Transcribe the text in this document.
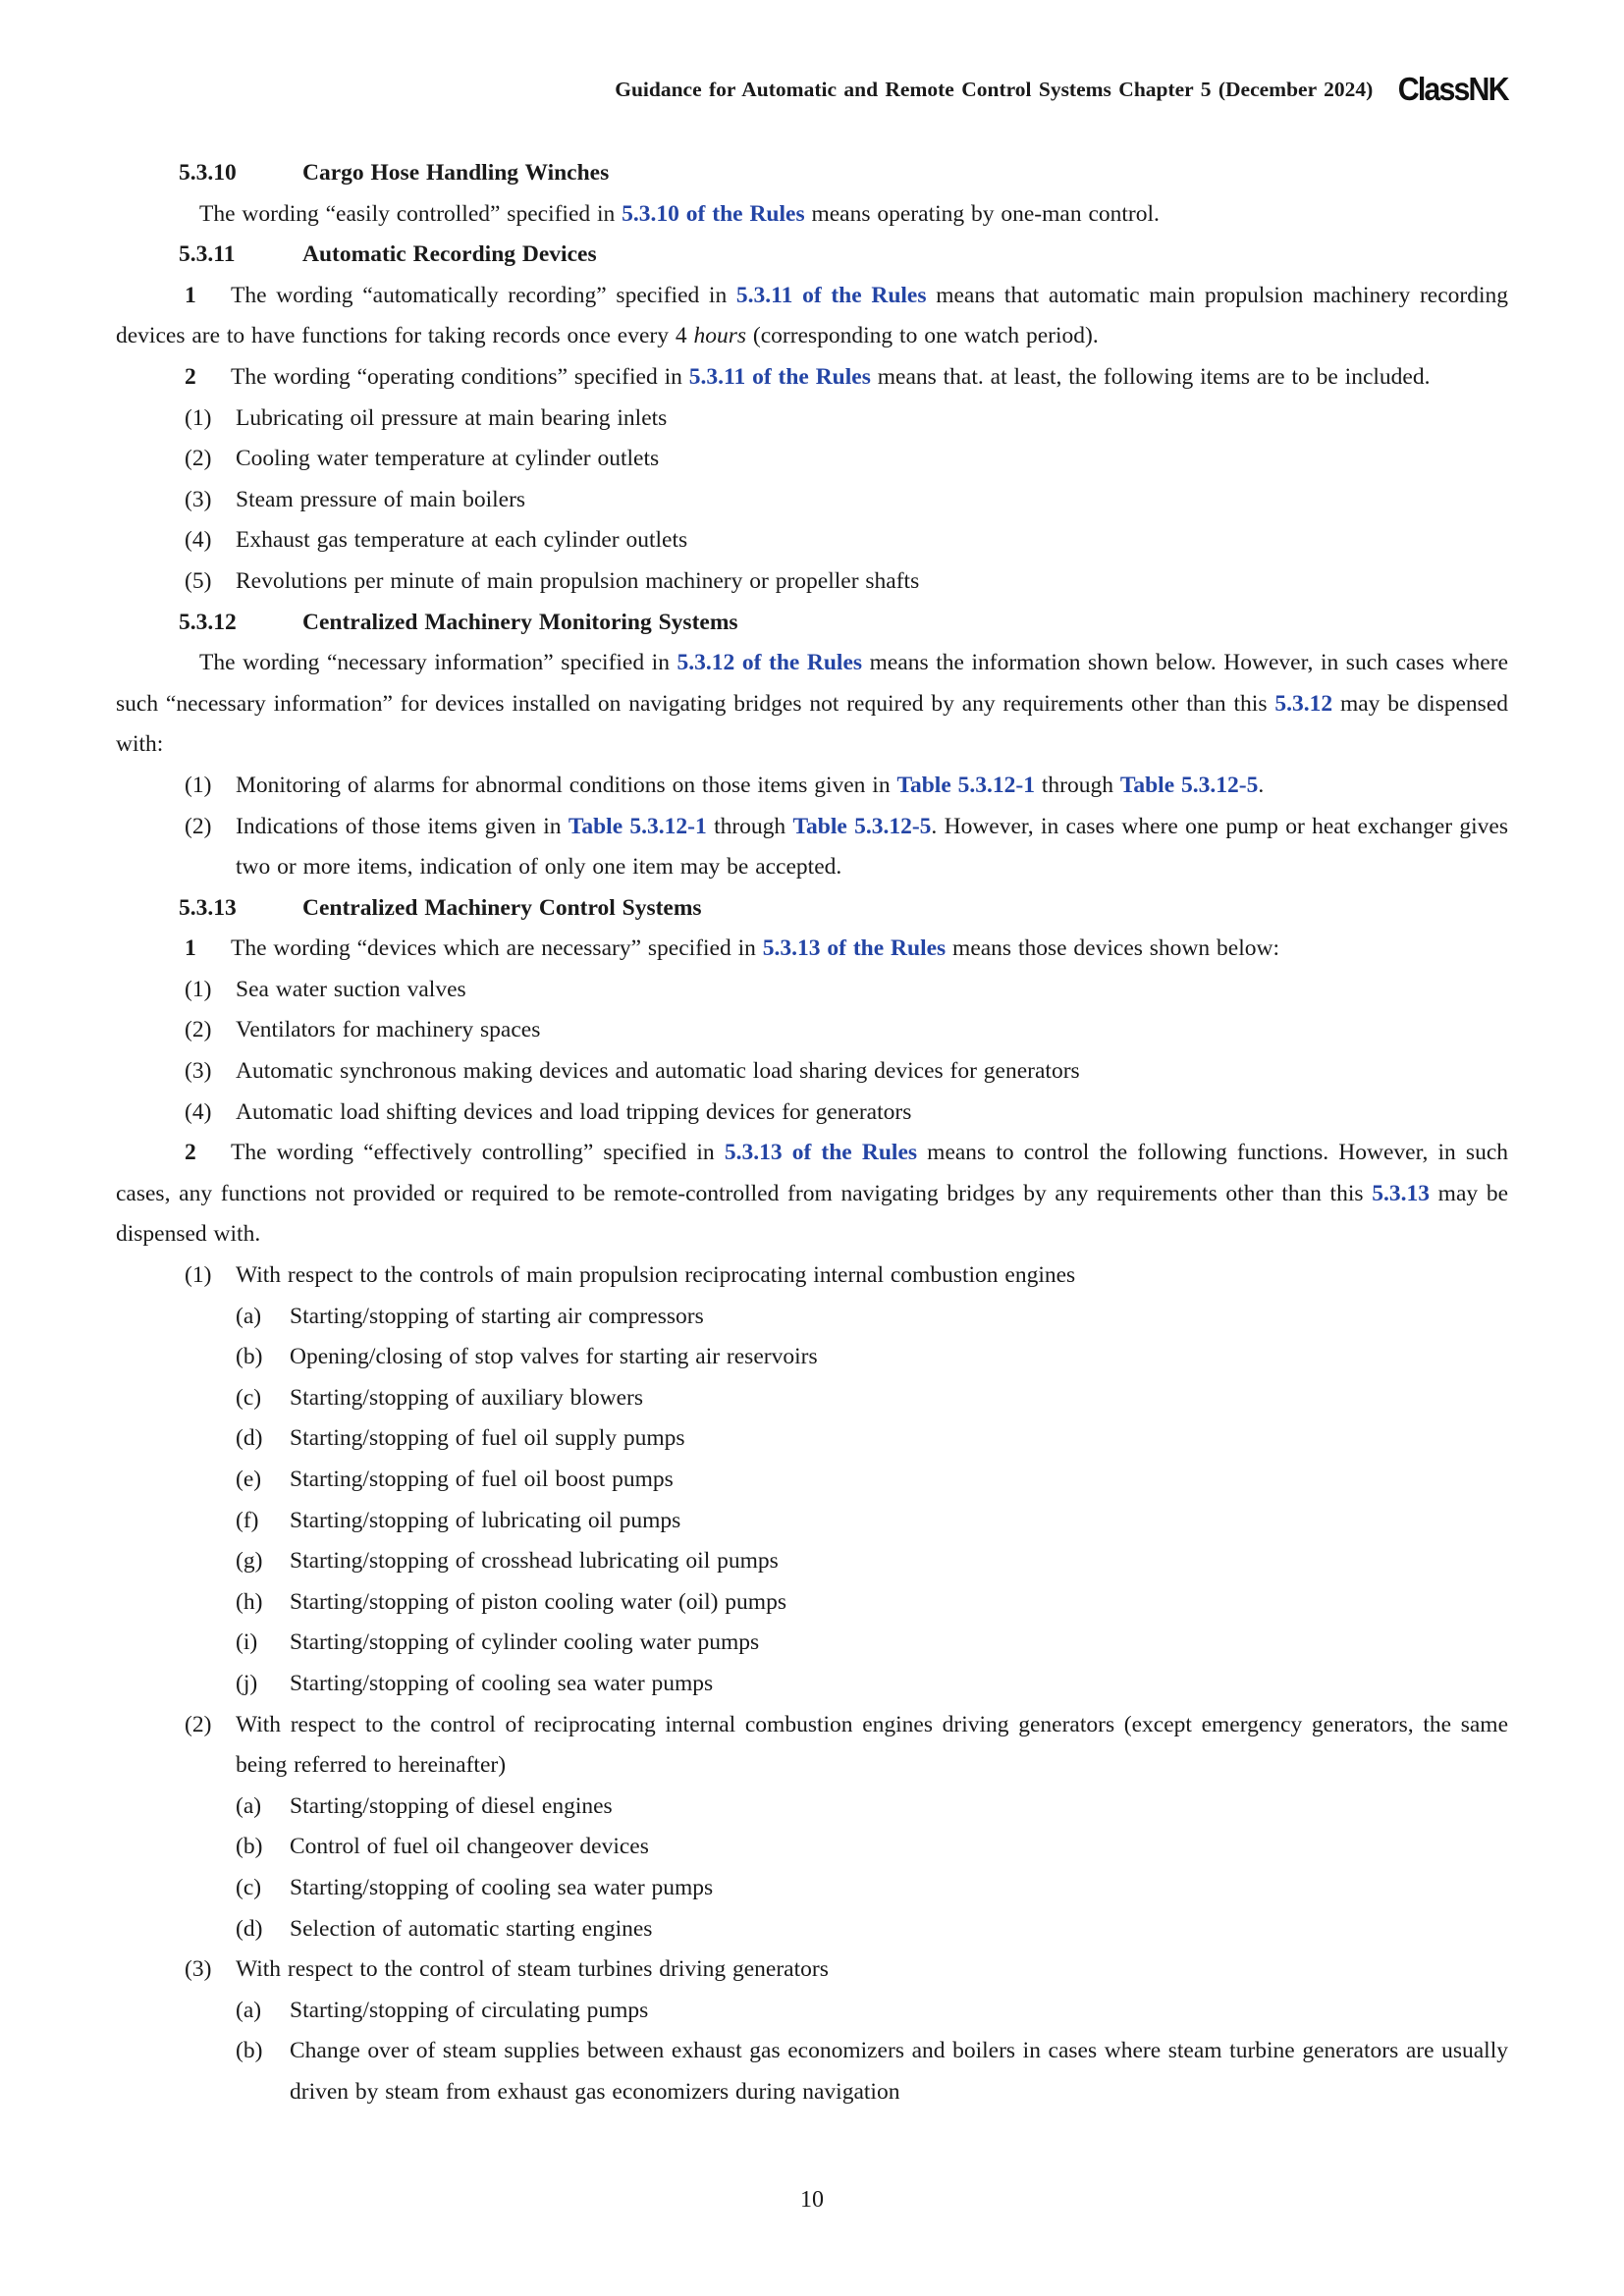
Guidance for Automatic and Remote Control Systems Chapter 5 (December 2024) ClassNK
5.3.10	Cargo Hose Handling Winches
The wording “easily controlled” specified in 5.3.10 of the Rules means operating by one-man control.
5.3.11	Automatic Recording Devices
1 The wording “automatically recording” specified in 5.3.11 of the Rules means that automatic main propulsion machinery recording devices are to have functions for taking records once every 4 hours (corresponding to one watch period).
2 The wording “operating conditions” specified in 5.3.11 of the Rules means that. at least, the following items are to be included.
(1) Lubricating oil pressure at main bearing inlets
(2) Cooling water temperature at cylinder outlets
(3) Steam pressure of main boilers
(4) Exhaust gas temperature at each cylinder outlets
(5) Revolutions per minute of main propulsion machinery or propeller shafts
5.3.12	Centralized Machinery Monitoring Systems
The wording “necessary information” specified in 5.3.12 of the Rules means the information shown below. However, in such cases where such “necessary information” for devices installed on navigating bridges not required by any requirements other than this 5.3.12 may be dispensed with:
(1) Monitoring of alarms for abnormal conditions on those items given in Table 5.3.12-1 through Table 5.3.12-5.
(2) Indications of those items given in Table 5.3.12-1 through Table 5.3.12-5. However, in cases where one pump or heat exchanger gives two or more items, indication of only one item may be accepted.
5.3.13	Centralized Machinery Control Systems
1 The wording “devices which are necessary” specified in 5.3.13 of the Rules means those devices shown below:
(1) Sea water suction valves
(2) Ventilators for machinery spaces
(3) Automatic synchronous making devices and automatic load sharing devices for generators
(4) Automatic load shifting devices and load tripping devices for generators
2 The wording “effectively controlling” specified in 5.3.13 of the Rules means to control the following functions. However, in such cases, any functions not provided or required to be remote-controlled from navigating bridges by any requirements other than this 5.3.13 may be dispensed with.
(1) With respect to the controls of main propulsion reciprocating internal combustion engines
(a) Starting/stopping of starting air compressors
(b) Opening/closing of stop valves for starting air reservoirs
(c) Starting/stopping of auxiliary blowers
(d) Starting/stopping of fuel oil supply pumps
(e) Starting/stopping of fuel oil boost pumps
(f) Starting/stopping of lubricating oil pumps
(g) Starting/stopping of crosshead lubricating oil pumps
(h) Starting/stopping of piston cooling water (oil) pumps
(i) Starting/stopping of cylinder cooling water pumps
(j) Starting/stopping of cooling sea water pumps
(2) With respect to the control of reciprocating internal combustion engines driving generators (except emergency generators, the same being referred to hereinafter)
(a) Starting/stopping of diesel engines
(b) Control of fuel oil changeover devices
(c) Starting/stopping of cooling sea water pumps
(d) Selection of automatic starting engines
(3) With respect to the control of steam turbines driving generators
(a) Starting/stopping of circulating pumps
(b) Change over of steam supplies between exhaust gas economizers and boilers in cases where steam turbine generators are usually driven by steam from exhaust gas economizers during navigation
10
